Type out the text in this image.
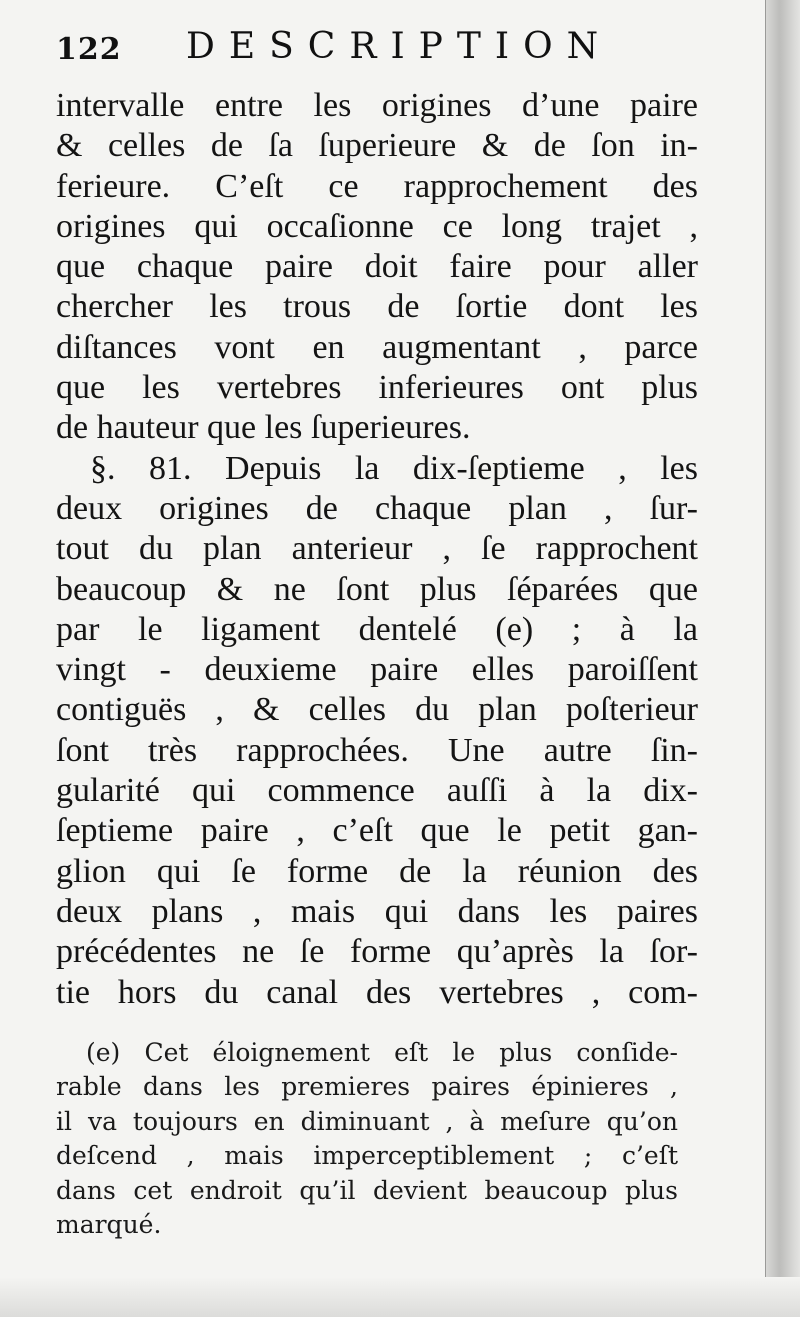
122 DESCRIPTION
intervalle entre les origines d’une paire
& celles de ſa ſuperieure & de ſon in-
ferieure. C’eſt ce rapprochement des
origines qui occaſionne ce long trajet ,
que chaque paire doit faire pour aller
chercher les trous de ſortie dont les
diſtances vont en augmentant , parce
que les vertebres inferieures ont plus
de hauteur que les ſuperieures.
§. 81. Depuis la dix-ſeptieme , les
deux origines de chaque plan , ſur-
tout du plan anterieur , ſe rapprochent
beaucoup & ne ſont plus ſéparées que
par le ligament dentelé (e) ; à la
vingt - deuxieme paire elles paroiſſent
contiguës , & celles du plan poſterieur
ſont très rapprochées. Une autre ſin-
gularité qui commence auſſi à la dix-
ſeptieme paire , c’eſt que le petit gan-
glion qui ſe forme de la réunion des
deux plans , mais qui dans les paires
précédentes ne ſe forme qu’après la ſor-
tie hors du canal des vertebres , com-
(e) Cet éloignement eſt le plus conſide-
rable dans les premieres paires épinieres ,
il va toujours en diminuant , à meſure qu’on
deſcend , mais imperceptiblement ; c’eſt
dans cet endroit qu’il devient beaucoup plus
marqué.
